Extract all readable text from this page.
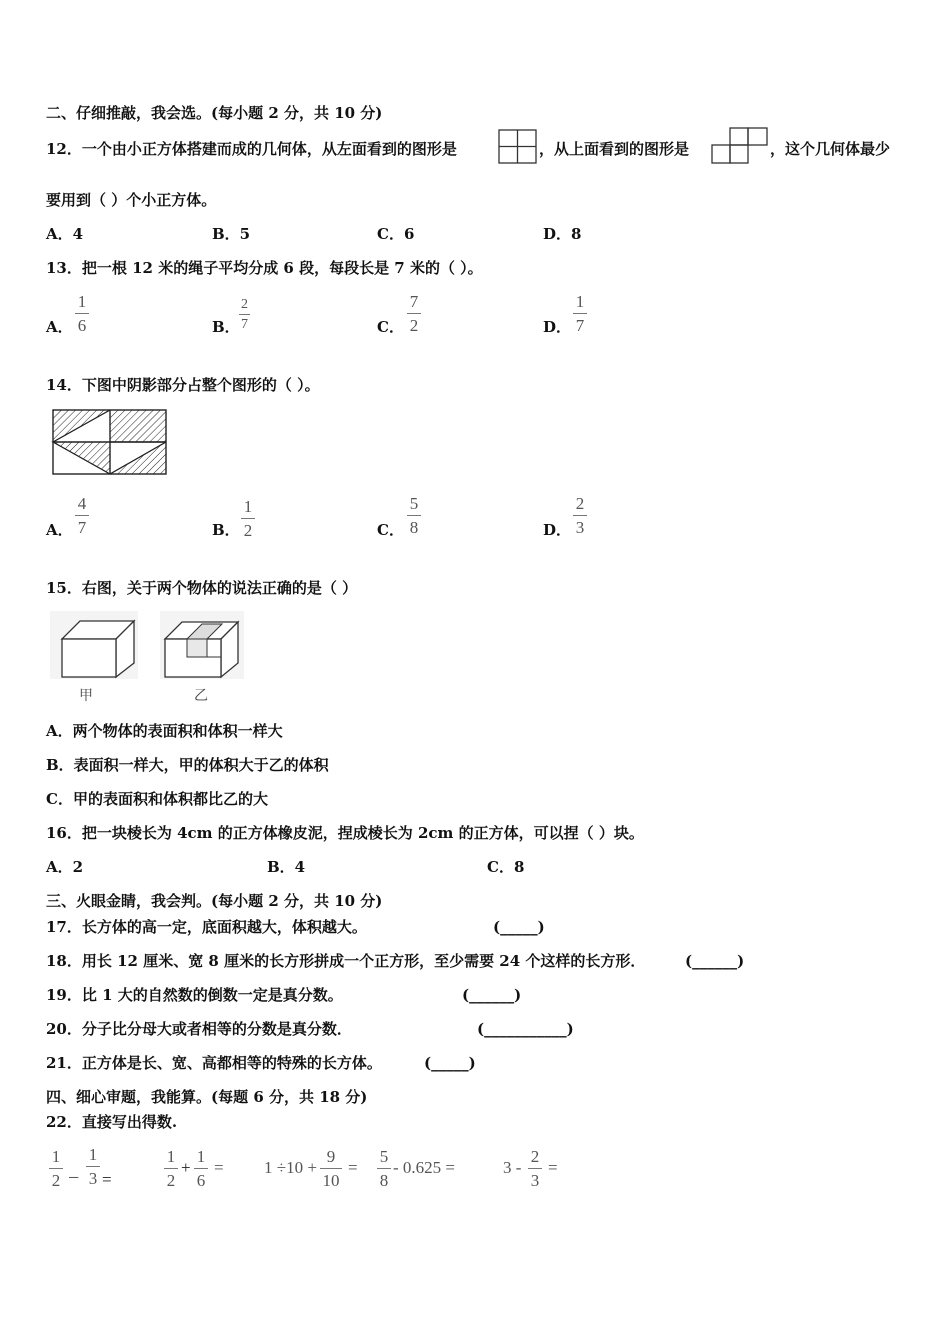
二、仔细推敲，我会选。(每小题 2 分，共 10 分)
12．一个由小正方体搭建而成的几何体，从左面看到的图形是	，从上面看到的图形是	，这个几何体最少
要用到（ ）个小正方体。
A．4	B．5	C．6	D．8
13．把一根 12 米的绳子平均分成 6 段，每段长是 7 米的（ ）。
A．
1
6	B．
2
7	C．
7
2	D．
1
7
14．下图中阴影部分占整个图形的（ ）。
A．
4
7	B．
1
2	C．
5
8	D．
2
3
15．右图，关于两个物体的说法正确的是（ ）
甲	乙
A．两个物体的表面积和体积一样大
B．表面积一样大，甲的体积大于乙的体积
C．甲的表面积和体积都比乙的大
16．把一块棱长为 4cm 的正方体橡皮泥，捏成棱长为 2cm 的正方体，可以捏（ ）块。
A．2	B．4	C．8
三、火眼金睛，我会判。(每小题 2 分，共 10 分)
17．长方体的高一定，底面积越大，体积越大。	(_____)
18．用长 12 厘米、宽 8 厘米的长方形拼成一个正方形，至少需要 24 个这样的长方形．	(______)
19．比 1 大的自然数的倒数一定是真分数。	(______)
20．分子比分母大或者相等的分数是真分数．	(___________)
21．正方体是长、宽、高都相等的特殊的长方体。	(_____)
四、细心审题，我能算。(每题 6 分，共 18 分)
22．直接写出得数.
1
2 −
1
3 =
1
2
+
1
6
= 1 ÷10 +
9
10
=
5
8
- 0.625 =	3 -
2
3
=
